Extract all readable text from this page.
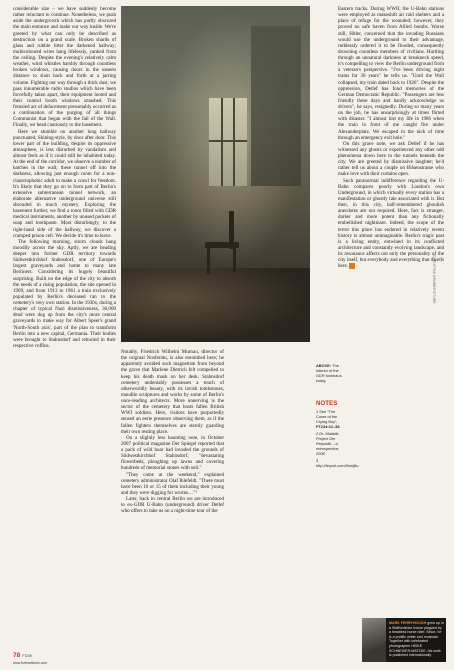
considerable size – we have suddenly become rather reluctant to continue. Nonetheless, we push aside the undergrowth which has partly obscured the main entrance and make our way inside. We're greeted by what can only be described as destruction on a grand scale. Broken shards of glass and rubble litter the darkened hallway; multicoloured wires hang lifelessly, yanked from the ceiling. Despite the evening's relatively calm weather, wind whistles harshly through countless broken windows, causing doors in the unseen distance to slam back and forth at a jarring volume. Fighting our way through a thick dust, we pass innumerable radio studios which have been forcefully taken apart, their equipment looted and their control booth windows smashed. This frenzied act of defacement presumably occurred as a continuation of the purging of all things Communist that began with the fall of the Wall. Finally, we head cautiously to the basement.

Here we stumble on another long hallway punctuated, Shining-style, by door after door. This lower part of the building, despite its oppressive atmosphere, is less disturbed by vandalism and almost feels as if it could still be inhabited today. At the end of the corridor, we observe a number of hatches in the wall; these tunnel off into the darkness, allowing just enough room for a non-claustrophobic adult to make a crawl for freedom. It's likely that they go on to form part of Berlin's extensive subterranean tunnel network, an elaborate alternative underground universe still shrouded in much mystery. Exploring the basement further, we find a room filled with GDR medical instruments, another by unused packets of soap and toothpaste. Most disturbingly, to the right-hand side of the hallway, we discover a cramped prison cell. We decide it's time to leave.

The following morning, storm clouds hang moodily across the sky. Aptly, we are heading deeper into former GDR territory towards Südwestkirchhof Stahnsdorf, one of Europe's largest graveyards and home to many late Berliners. Considering its hugely beautiful surprising. Built on the edge of the city to absorb the needs of a rising population, the site opened in 1909, and from 1913 to 1961 a train exclusively populated by Berlin's deceased ran to the cemetery's very own station. In the 1930s, during a chapter of typical Nazi dismissiveness, 30,000 dead were dug up from the city's more central graveyards to make way for Albert Speer's grand 'North-South axis', part of the plan to transform Berlin into a new capital, Germania. Their bodies were brought to Stahnsdorf and reburied in their respective coffins.

Notably, Friedrich Wilhelm Murnau, director of the original Nosferatu, is also entombed here; he apparently avoided such magnetism from beyond the grave that Marlene Dietrich felt compelled to keep his death mask on her desk. Stahnsdorf cemetery undeniably possesses a touch of otherworldly beauty, with its lavish tombstones, maudlin sculptures and works by some of Berlin's once-leading architects. More unnerving is the sector of the cemetery that hosts fallen British WWI soldiers. Here, visitors have purportedly sensed an eerie presence observing them, as if the fallen fighters themselves are sternly guarding their own resting place.

On a slightly less haunting note, in October 2007 political magazine Der Spiegel reported that a pack of wild boar had invaded the grounds of Südwestkirchhof Stahnsdorf, "devastating flowerbeds, ploughing up lawns and covering hundreds of memorial stones with soil."

"They came at the weekend," explained cemetery administrator Olaf Ihlefeldt. "There must have been 10 or 15 of them including their young and they were digging for worms…"³

Later, back in central Berlin we are introduced to ex-GDR U-Bahn (underground) driver Detlef who offers to take us on a night-time tour of the

ABOVE: The interior of the GDR funkhaus today.
NOTES
1 See "The Curse of the Crying Boy", FT234:32–38.
2 Dr. Mabbitt: Project Der Republik – a retrospective, 2008.
3 http://tinyurl.com/5hmj8u.

Eastern tracks. During WWII, the U-Bahn stations were employed as makeshift air raid shelters and a place of refuge for the wounded; however, they proved no safe haven from Allied bombs. Worse still, Hitler, concerned that the invading Russians would use the underground to their advantage, ruthlessly ordered it to be flooded, consequently drowning countless members of civilians. Hurtling through an unnatural darkness at breakneck speed, it's compelling to view the Berlin underground from a veteran's perspective. "I've been driving night trains for 30 years" he tells us. "Until the Wall collapsed, my train dated back to 1926". Despite the oppression, Detlef has fond memories of the German Democratic Republic. "Passengers are less friendly these days and hardly acknowledge us drivers", he says, resignedly. During so many years on the job, he has unsurprisingly at times flirted with disaster. "I almost lost my life in 1986 when the train in front of me caught fire under Alexanderplatz. We escaped in the nick of time through an emergency exit hole."

On this grave note, we ask Detlef if he has witnessed any ghosts or experienced any other odd phenomena down here in the tunnels beneath the city. We are greeted by dismissive laughter; he'd rather tell us about a couple on Bilsenstrasse who make love with their curtains open.

Such paranormal indifference regarding the U-Bahn compares poorly with London's own Underground, in which virtually every station has a manifestation or ghostly tale associated with it. But then, in this city, half-remembered ghoulish anecdotes are not required. Here, fact is stranger, darker and more potent than any fictionally embellished nightmare. Indeed, the scope of the terror this place has endured in relatively recent history is almost unimaginable. Berlin's tragic past is a living entity, entwined in its conflicted architecture and constantly evolving landscape, and its resonance affects not only the personality of the city itself, but everybody and everything that dwells here.	CHRISTINA GRUBE/PICTURE
MARK FERRYHOUGH grew up in a Staffordshire house plagued by a headless horse rider. Since, he is a prolific writer and musician. Together with celebrated photographer HEIKE SCHNEIDER-MATZKE, his work is published internationally.
78 FT249
www.forteantimes.com
